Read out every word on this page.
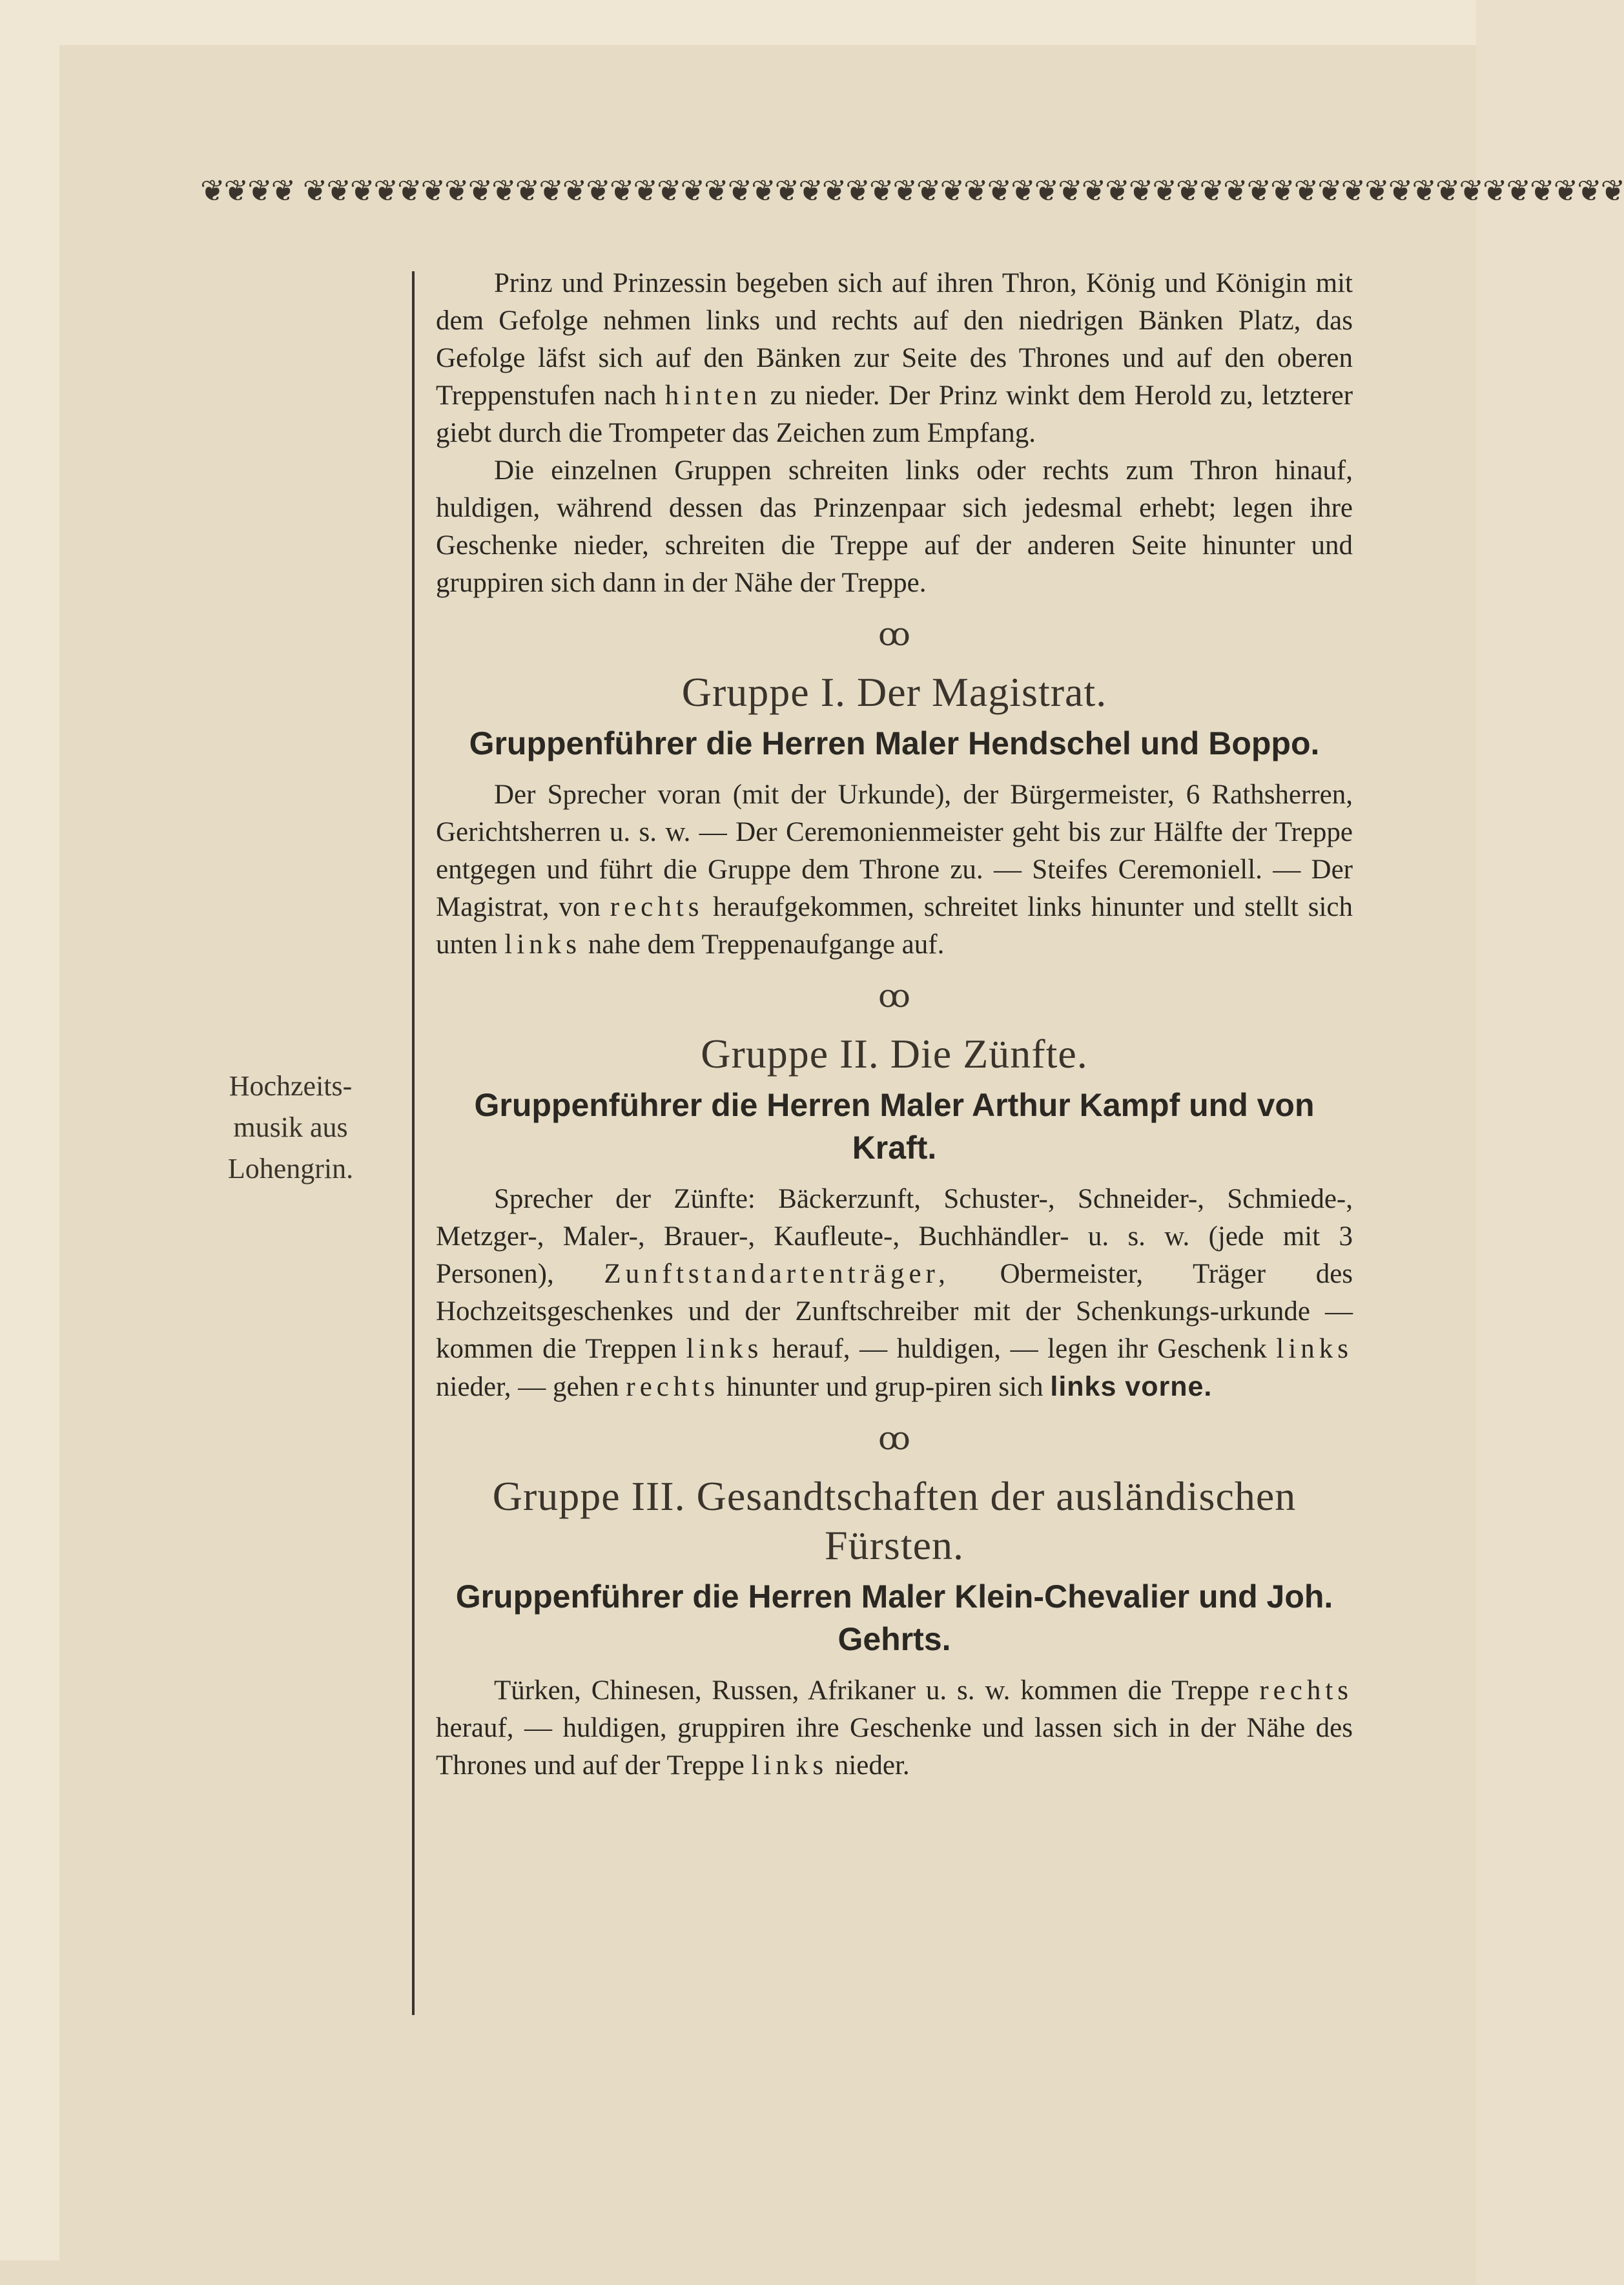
❦❦❦❦ ❦❦❦❦❦❦❦❦❦❦❦❦❦❦❦❦❦❦❦❦❦❦❦❦❦❦❦❦❦❦❦❦❦❦❦❦❦❦❦❦❦❦❦❦❦❦❦❦❦❦❦❦❦❦❦❦
Hochzeits-
musik aus
Lohengrin.

Prinz und Prinzessin begeben sich auf ihren Thron, König und Königin mit dem Gefolge nehmen links und rechts auf den niedrigen Bänken Platz, das Gefolge läfst sich auf den Bänken zur Seite des Thrones und auf den oberen Treppenstufen nach hinten zu nieder. Der Prinz winkt dem Herold zu, letzterer giebt durch die Trompeter das Zeichen zum Empfang.

Die einzelnen Gruppen schreiten links oder rechts zum Thron hinauf, huldigen, während dessen das Prinzenpaar sich jedesmal erhebt; legen ihre Geschenke nieder, schreiten die Treppe auf der anderen Seite hinunter und gruppiren sich dann in der Nähe der Treppe.

ꝏ
Gruppe I. Der Magistrat.
Gruppenführer die Herren Maler Hendschel und Boppo.

Der Sprecher voran (mit der Urkunde), der Bürgermeister, 6 Rathsherren, Gerichtsherren u. s. w. — Der Ceremonienmeister geht bis zur Hälfte der Treppe entgegen und führt die Gruppe dem Throne zu. — Steifes Ceremoniell. — Der Magistrat, von rechts heraufgekommen, schreitet links hinunter und stellt sich unten links nahe dem Treppenaufgange auf.

ꝏ
Gruppe II. Die Zünfte.
Gruppenführer die Herren Maler Arthur Kampf und von Kraft.

Sprecher der Zünfte: Bäckerzunft, Schuster-, Schneider-, Schmiede-, Metzger-, Maler-, Brauer-, Kaufleute-, Buchhändler- u. s. w. (jede mit 3 Personen), Zunftstandartenträger, Obermeister, Träger des Hochzeitsgeschenkes und der Zunftschreiber mit der Schenkungs-urkunde — kommen die Treppen links herauf, — huldigen, — legen ihr Geschenk links nieder, — gehen rechts hinunter und grup-piren sich links vorne.

ꝏ
Gruppe III. Gesandtschaften der ausländischen Fürsten.
Gruppenführer die Herren Maler Klein-Chevalier und Joh. Gehrts.

Türken, Chinesen, Russen, Afrikaner u. s. w. kommen die Treppe rechts herauf, — huldigen, gruppiren ihre Geschenke und lassen sich in der Nähe des Thrones und auf der Treppe links nieder.
